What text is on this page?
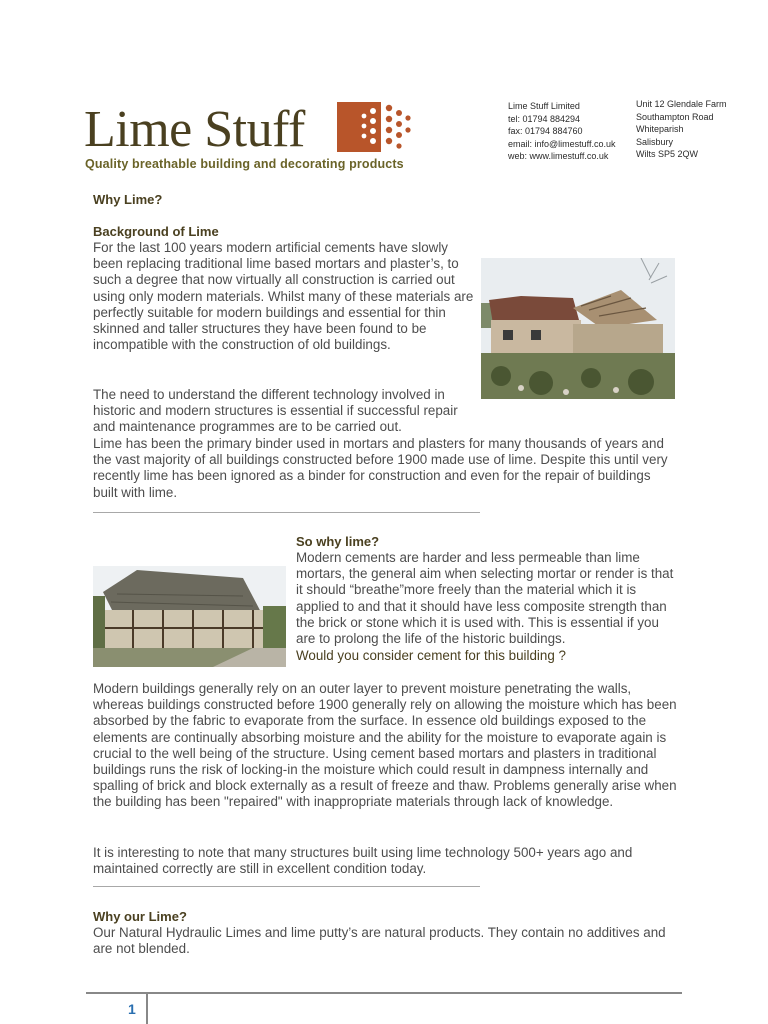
Lime Stuff
Quality breathable building and decorating products
Lime Stuff Limited
tel: 01794 884294
fax: 01794 884760
email: info@limestuff.co.uk
web: www.limestuff.co.uk
Unit 12 Glendale Farm
Southampton Road
Whiteparish
Salisbury
Wilts SP5 2QW
Why Lime?
Background of Lime
For the last 100 years modern artificial cements have slowly been replacing traditional lime based mortars and plaster’s, to such a degree that now virtually all construction is carried out using only modern materials. Whilst many of these materials are perfectly suitable for modern buildings and essential for thin skinned and taller structures they have been found to be incompatible with the construction of old buildings.
The need to understand the different technology involved in historic and modern structures is essential if successful repair and maintenance programmes are to be carried out.
Lime has been the primary binder used in mortars and plasters for many thousands of years and the vast majority of all buildings constructed before 1900 made use of lime. Despite this until very recently lime has been ignored as a binder for construction and even for the repair of buildings built with lime.
So why lime?
Modern cements are harder and less permeable than lime mortars, the general aim when selecting mortar or render is that it should “breathe”more freely than the material which it is applied to and that it should have less composite strength than the brick or stone which it is used with. This is essential if you are to prolong the life of the historic buildings.
Would you consider cement for this building ?
Modern buildings generally rely on an outer layer to prevent moisture penetrating the walls, whereas buildings constructed before 1900 generally rely on allowing the moisture which has been absorbed by the fabric to evaporate from the surface. In essence old buildings exposed to the elements are continually absorbing moisture and the ability for the moisture to evaporate again is crucial to the well being of the structure. Using cement based mortars and plasters in traditional buildings runs the risk of locking-in the moisture which could result in dampness internally and spalling of brick and block externally as a result of freeze and thaw. Problems generally arise when the building has been "repaired" with inappropriate materials through lack of knowledge.
It is interesting to note that many structures built using lime technology 500+ years ago and maintained correctly are still in excellent condition today.
Why our Lime?
Our Natural Hydraulic Limes and lime putty’s are natural products. They contain no additives and are not blended.
1
